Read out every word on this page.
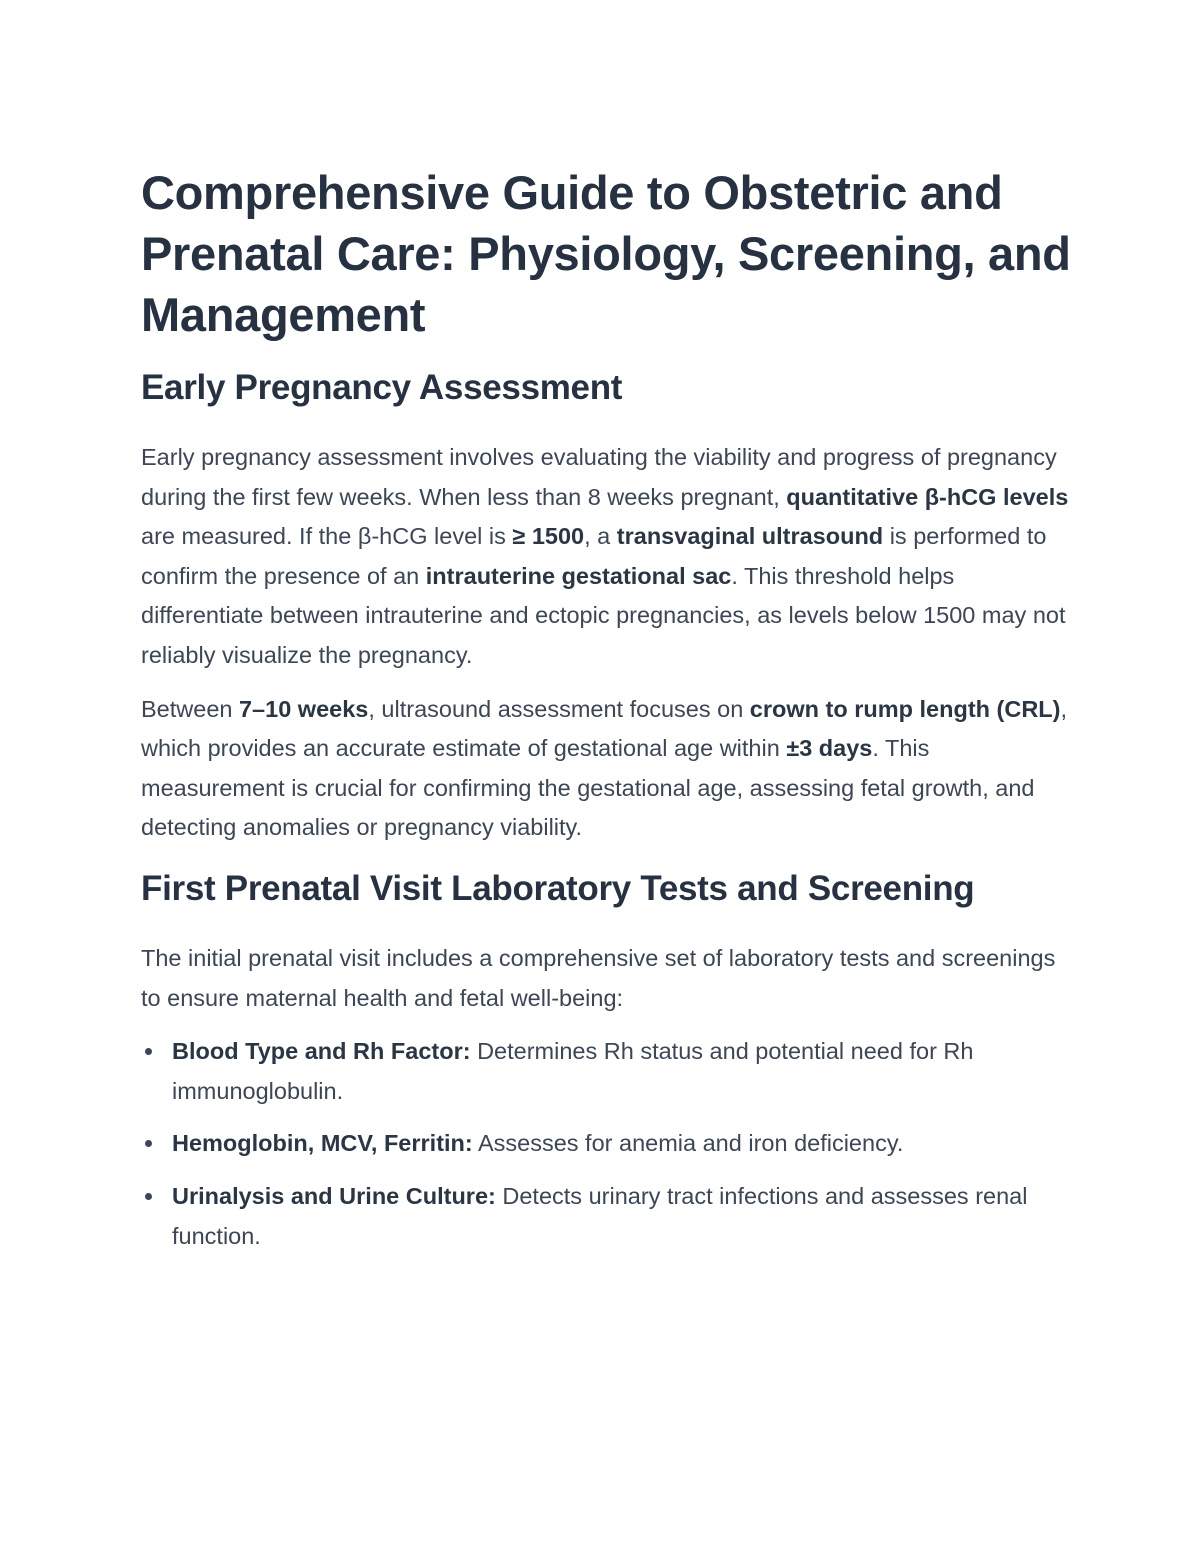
Comprehensive Guide to Obstetric and Prenatal Care: Physiology, Screening, and Management
Early Pregnancy Assessment

Early pregnancy assessment involves evaluating the viability and progress of pregnancy during the first few weeks. When less than 8 weeks pregnant, quantitative β-hCG levels are measured. If the β-hCG level is ≥ 1500, a transvaginal ultrasound is performed to confirm the presence of an intrauterine gestational sac. This threshold helps differentiate between intrauterine and ectopic pregnancies, as levels below 1500 may not reliably visualize the pregnancy.

Between 7–10 weeks, ultrasound assessment focuses on crown to rump length (CRL), which provides an accurate estimate of gestational age within ±3 days. This measurement is crucial for confirming the gestational age, assessing fetal growth, and detecting anomalies or pregnancy viability.

First Prenatal Visit Laboratory Tests and Screening

The initial prenatal visit includes a comprehensive set of laboratory tests and screenings to ensure maternal health and fetal well-being:

Blood Type and Rh Factor: Determines Rh status and potential need for Rh immunoglobulin.
Hemoglobin, MCV, Ferritin: Assesses for anemia and iron deficiency.
Urinalysis and Urine Culture: Detects urinary tract infections and assesses renal function.
